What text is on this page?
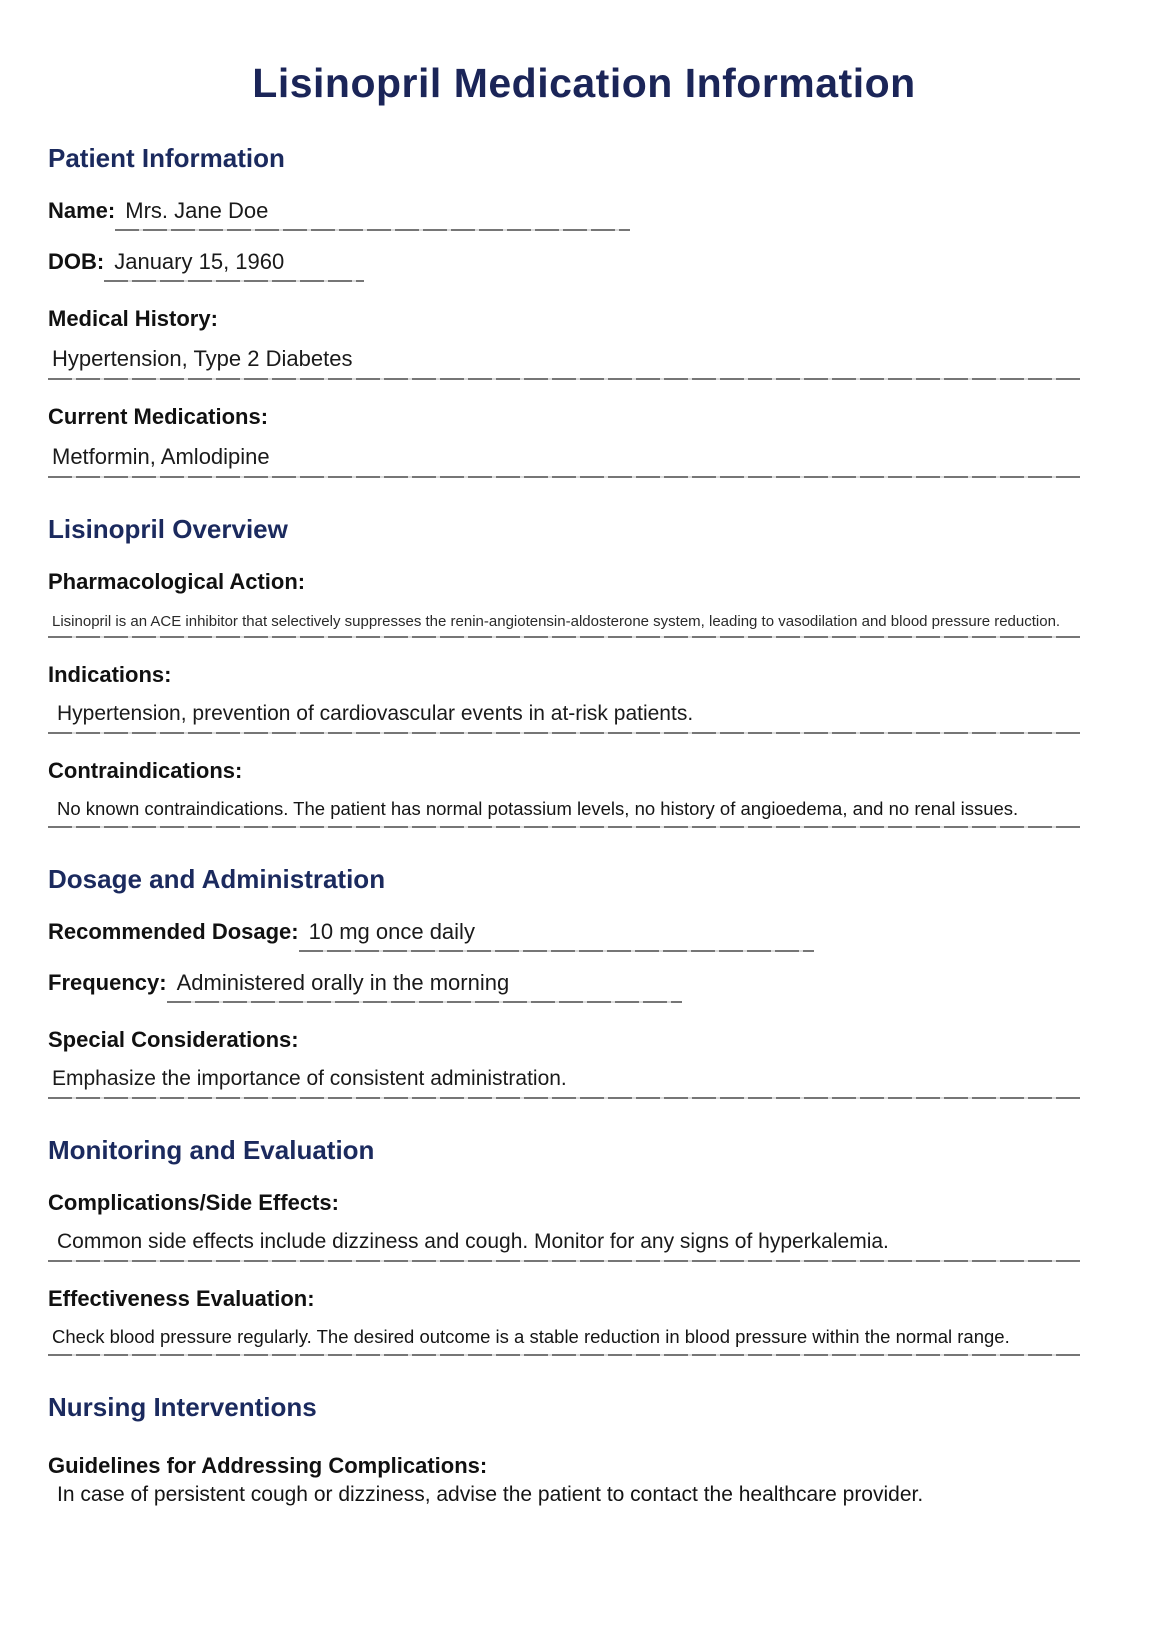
Lisinopril Medication Information
Patient Information
Name: Mrs. Jane Doe
DOB: January 15, 1960
Medical History:
Hypertension, Type 2 Diabetes
Current Medications:
Metformin, Amlodipine
Lisinopril Overview
Pharmacological Action:
Lisinopril is an ACE inhibitor that selectively suppresses the renin-angiotensin-aldosterone system, leading to vasodilation and blood pressure reduction.
Indications:
Hypertension, prevention of cardiovascular events in at-risk patients.
Contraindications:
No known contraindications. The patient has normal potassium levels, no history of angioedema, and no renal issues.
Dosage and Administration
Recommended Dosage: 10 mg once daily
Frequency: Administered orally in the morning
Special Considerations:
Emphasize the importance of consistent administration.
Monitoring and Evaluation
Complications/Side Effects:
Common side effects include dizziness and cough. Monitor for any signs of hyperkalemia.
Effectiveness Evaluation:
Check blood pressure regularly. The desired outcome is a stable reduction in blood pressure within the normal range.
Nursing Interventions
Guidelines for Addressing Complications:
In case of persistent cough or dizziness, advise the patient to contact the healthcare provider.
